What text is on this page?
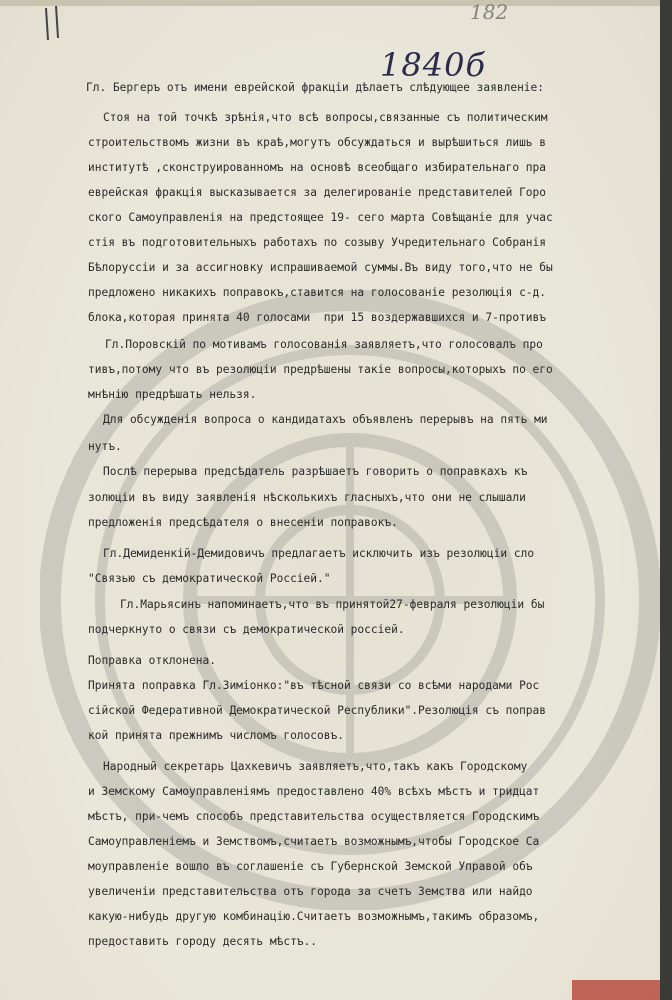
182
1840б

Гл. Бергеръ отъ имени еврейской фракціи дѣлаетъ слѣдующее заявленіе:

Стоя на той точкѣ зрѣнія,что всѣ вопросы,связанные съ политическим

строительствомъ жизни въ краѣ,могутъ обсуждаться и вырѣшиться лишь в

институтѣ ,сконструированномъ на основѣ всеобщаго избирательнаго пра

еврейская фракція высказывается за делегированіе представителей Горо

ского Самоуправленія на предстоящее 19- сего марта Совѣщаніе для учас

стія въ подготовительныхъ работахъ по созыву Учредительнаго Собранія

Бѣлоруссіи и за ассигновку испрашиваемой суммы.Въ виду того,что не бы

предложено никакихъ поправокъ,ставится на голосованіе резолюція с-д.

блока,которая принята 40 голосами  при 15 воздержавшихся и 7-противъ

Гл.Поровскій по мотивамъ голосованія заявляетъ,что голосовалъ про

тивъ,потому что въ резолюціи предрѣшены такіе вопросы,которыхъ по его

мнѣнію предрѣшать нельзя.

Для обсужденія вопроса о кандидатахъ объявленъ перерывъ на пять ми

нутъ.

Послѣ перерыва предсѣдатель разрѣшаетъ говорить о поправкахъ къ

золюціи въ виду заявленія нѣсколькихъ гласныхъ,что они не слышали

предложенія предсѣдателя о внесеніи поправокъ.

Гл.Демиденкій-Демидовичъ предлагаетъ исключить изъ резолюціи сло

"Связью съ демократической Россіей."

Гл.Марьясинъ напоминаетъ,что въ принятой27-февраля резолюціи бы

подчеркнуто о связи съ демократической россіей.

Поправка отклонена.

Принята поправка Гл.Зимiонко:"въ тѣсной связи со всѣми народами Рос

сійской Федеративной Демократической Республики".Резолюція съ поправ

кой принята прежнимъ числомъ голосовъ.

Народный секретарь Цахкевичъ заявляетъ,что,такъ какъ Городскому

и Земскому Самоуправленіямъ предоставлено 40% всѣхъ мѣстъ и тридцат

мѣстъ, при-чемъ способъ представительства осуществляется Городскимъ

Самоуправленіемъ и Земствомъ,считаетъ возможнымъ,чтобы Городское Са

моуправленіе вошло въ соглашеніе съ Губернской Земской Управой объ

увеличеніи представительства отъ города за счетъ Земства или найдо

какую-нибудь другую комбинацію.Считаетъ возможнымъ,такимъ образомъ,

предоставить городу десять мѣстъ..
